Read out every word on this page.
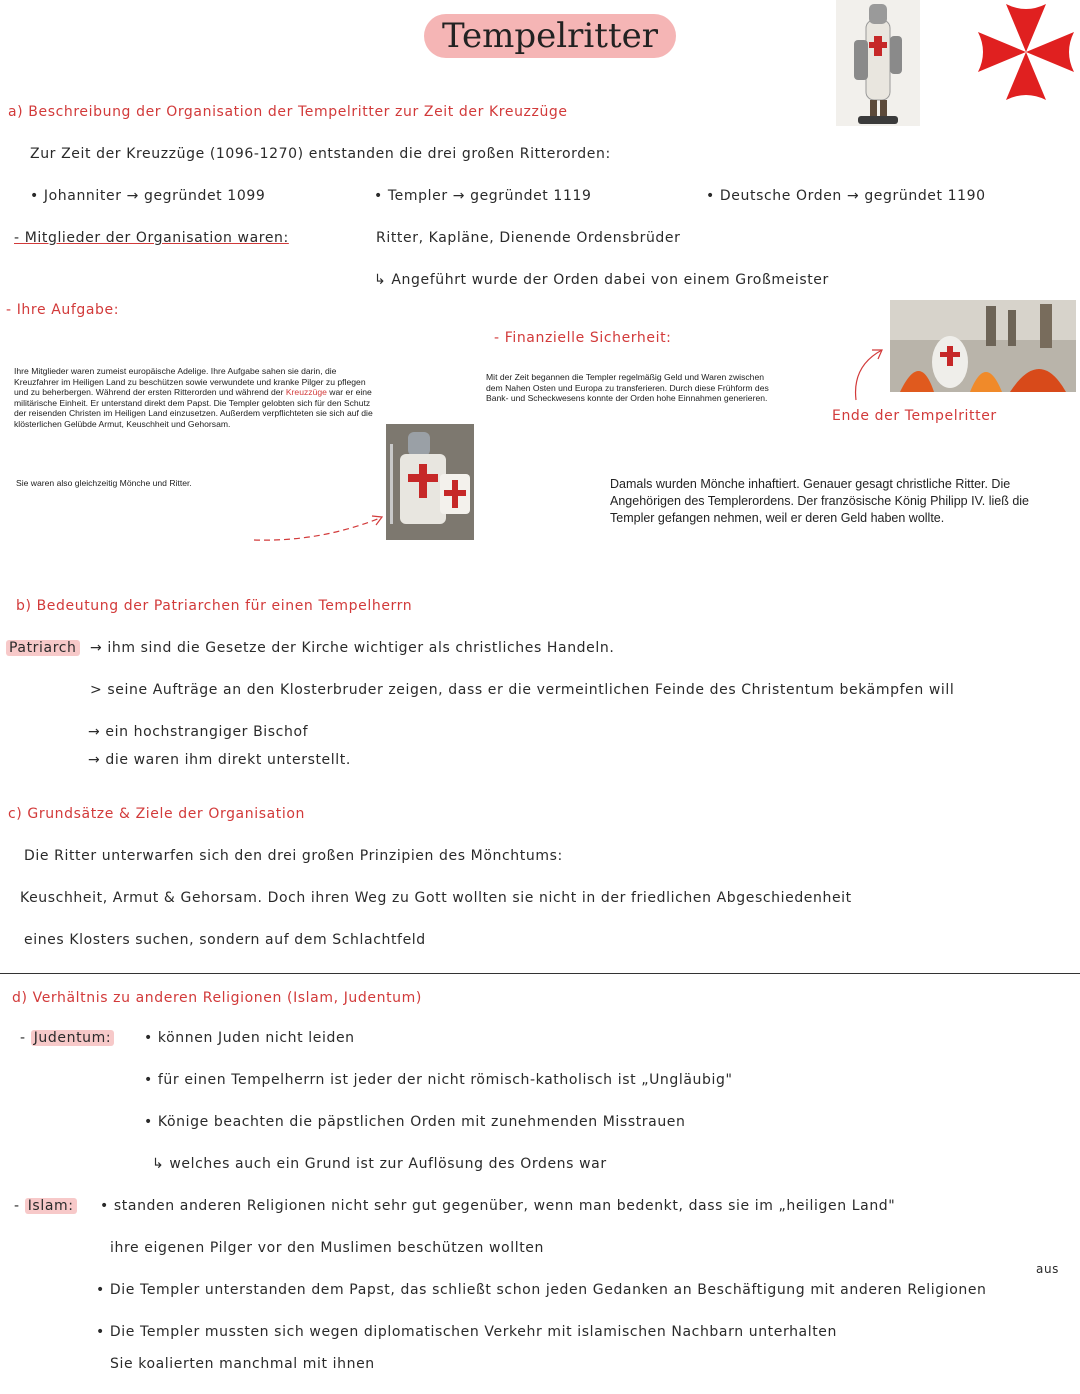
Tempelritter
a) Beschreibung der Organisation der Tempelritter zur Zeit der Kreuzzüge
Zur Zeit der Kreuzzüge (1096-1270) entstanden die drei großen Ritterorden:
• Johanniter → gegründet 1099	• Templer → gegründet 1119	• Deutsche Orden → gegründet 1190
- Mitglieder der Organisation waren:	Ritter, Kapläne, Dienende Ordensbrüder
↳ Angeführt wurde der Orden dabei von einem Großmeister
- Ihre Aufgabe:
Ihre Mitglieder waren zumeist europäische Adelige. Ihre Aufgabe sahen sie darin, die Kreuzfahrer im Heiligen Land zu beschützen sowie verwundete und kranke Pilger zu pflegen und zu beherbergen. Während der ersten Ritterorden und während der Kreuzzüge war er eine militärische Einheit. Er unterstand direkt dem Papst. Die Templer gelobten sich für den Schutz der reisenden Christen im Heiligen Land einzusetzen. Außerdem verpflichteten sie sich auf die klösterlichen Gelübde Armut, Keuschheit und Gehorsam.
Sie waren also gleichzeitig Mönche und Ritter.
- Finanzielle Sicherheit:
Mit der Zeit begannen die Templer regelmäßig Geld und Waren zwischen dem Nahen Osten und Europa zu transferieren. Durch diese Frühform des Bank- und Scheckwesens konnte der Orden hohe Einnahmen generieren.
Ende der Tempelritter
Damals wurden Mönche inhaftiert. Genauer gesagt christliche Ritter. Die Angehörigen des Templerordens. Der französische König Philipp IV. ließ die Templer gefangen nehmen, weil er deren Geld haben wollte.
b) Bedeutung der Patriarchen für einen Tempelherrn
Patriarch → ihm sind die Gesetze der Kirche wichtiger als christliches Handeln.
> seine Aufträge an den Klosterbruder zeigen, dass er die vermeintlichen Feinde des Christentum bekämpfen will
→ ein hochstrangiger Bischof
→ die waren ihm direkt unterstellt.
c) Grundsätze & Ziele der Organisation
Die Ritter unterwarfen sich den drei großen Prinzipien des Mönchtums:
Keuschheit, Armut & Gehorsam. Doch ihren Weg zu Gott wollten sie nicht in der friedlichen Abgeschiedenheit
eines Klosters suchen, sondern auf dem Schlachtfeld
d) Verhältnis zu anderen Religionen (Islam, Judentum)
- Judentum: • können Juden nicht leiden
• für einen Tempelherrn ist jeder der nicht römisch-katholisch ist „Ungläubig"
• Könige beachten die päpstlichen Orden mit zunehmenden Misstrauen
↳ welches auch ein Grund ist zur Auflösung des Ordens war
- Islam: • standen anderen Religionen nicht sehr gut gegenüber, wenn man bedenkt, dass sie im „heiligen Land"
ihre eigenen Pilger vor den Muslimen beschützen wollten
• Die Templer unterstanden dem Papst, das schließt schon jeden Gedanken an Beschäftigung mit anderen Religionen
aus
• Die Templer mussten sich wegen diplomatischen Verkehr mit islamischen Nachbarn unterhalten
Sie koalierten manchmal mit ihnen
